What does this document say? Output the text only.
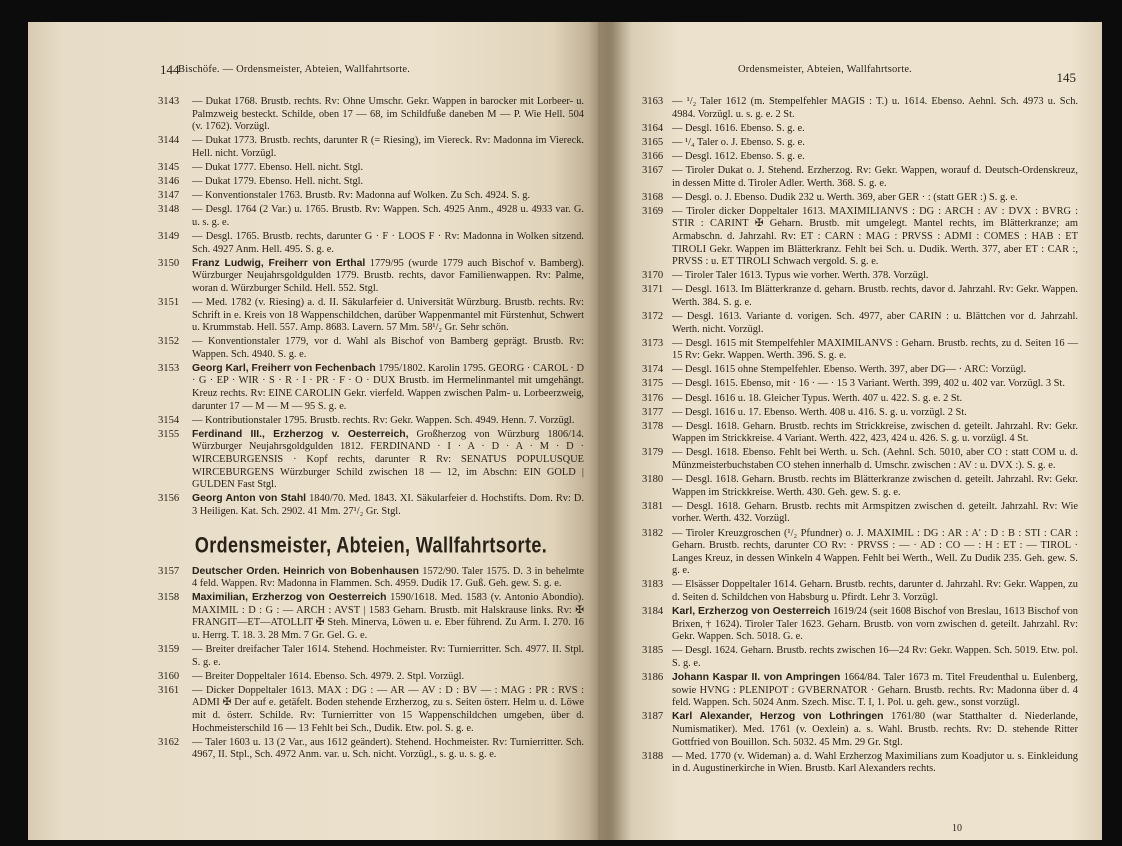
144
Bischöfe. — Ordensmeister, Abteien, Wallfahrtsorte.
3143	— Dukat 1768. Brustb. rechts. Rv: Ohne Umschr. Gekr. Wappen in barocker mit Lorbeer- u. Palmzweig besteckt. Schilde, oben 17 — 68, im Schildfuße daneben M — P. Wie Hell. 504 (v. 1762). Vorzügl.
3144	— Dukat 1773. Brustb. rechts, darunter R (= Riesing), im Viereck. Rv: Madonna im Viereck. Hell. nicht. Vorzügl.
3145	— Dukat 1777. Ebenso. Hell. nicht. Stgl.
3146	— Dukat 1779. Ebenso. Hell. nicht. Stgl.
3147	— Konventionstaler 1763. Brustb. Rv: Madonna auf Wolken. Zu Sch. 4924. S. g.
3148	— Desgl. 1764 (2 Var.) u. 1765. Brustb. Rv: Wappen. Sch. 4925 Anm., 4928 u. 4933 var. G. u. s. g. e.
3149	— Desgl. 1765. Brustb. rechts, darunter G · F · LOOS F · Rv: Madonna in Wolken sitzend. Sch. 4927 Anm. Hell. 495. S. g. e.
3150	Franz Ludwig, Freiherr von Erthal 1779/95 (wurde 1779 auch Bischof v. Bamberg). Würzburger Neujahrsgoldgulden 1779. Brustb. rechts, davor Familienwappen. Rv: Palme, woran d. Würzburger Schild. Hell. 552. Stgl.
3151	— Med. 1782 (v. Riesing) a. d. II. Säkularfeier d. Universität Würzburg. Brustb. rechts. Rv: Schrift in e. Kreis von 18 Wappenschildchen, darüber Wappenmantel mit Fürstenhut, Schwert u. Krummstab. Hell. 557. Amp. 8683. Lavern. 57 Mm. 58¹/₂ Gr. Sehr schön.
3152	— Konventionstaler 1779, vor d. Wahl als Bischof von Bamberg geprägt. Brustb. Rv: Wappen. Sch. 4940. S. g. e.
3153	Georg Karl, Freiherr von Fechenbach 1795/1802. Karolin 1795. GEORG · CAROL · D · G · EP · WIR · S · R · I · PR · F · O · DUX Brustb. im Hermelinmantel mit umgehängt. Kreuz rechts. Rv: EINE CAROLIN Gekr. vierfeld. Wappen zwischen Palm- u. Lorbeerzweig, darunter 17 — M — M — 95 S. g. e.
3154	— Kontributionstaler 1795. Brustb. rechts. Rv: Gekr. Wappen. Sch. 4949. Henn. 7. Vorzügl.
3155	Ferdinand III., Erzherzog v. Oesterreich, Großherzog von Würzburg 1806/14. Würzburger Neujahrsgoldgulden 1812. FERDINAND · I · A · D · A · M · D · WIRCEBURGENSIS · Kopf rechts, darunter R Rv: SENATUS POPULUSQUE WIRCEBURGENS Würzburger Schild zwischen 18 — 12, im Abschn: EIN GOLD | GULDEN Fast Stgl.
3156	Georg Anton von Stahl 1840/70. Med. 1843. XI. Säkularfeier d. Hochstifts. Dom. Rv: D. 3 Heiligen. Kat. Sch. 2902. 41 Mm. 27¹/₂ Gr. Stgl.
Ordensmeister, Abteien, Wallfahrtsorte.
3157	Deutscher Orden. Heinrich von Bobenhausen 1572/90. Taler 1575. D. 3 in behelmte 4 feld. Wappen. Rv: Madonna in Flammen. Sch. 4959. Dudik 17. Guß. Geh. gew. S. g. e.
3158	Maximilian, Erzherzog von Oesterreich 1590/1618. Med. 1583 (v. Antonio Abondio). MAXIMIL : D : G : — ARCH : AVST | 1583 Geharn. Brustb. mit Halskrause links. Rv: ✠ FRANGIT—ET—ATOLLIT ✠ Steh. Minerva, Löwen u. e. Eber führend. Zu Arm. I. 270. 16 u. Herrg. T. 18. 3. 28 Mm. 7 Gr. Gel. G. e.
3159	— Breiter dreifacher Taler 1614. Stehend. Hochmeister. Rv: Turnierritter. Sch. 4977. II. Stpl. S. g. e.
3160	— Breiter Doppeltaler 1614. Ebenso. Sch. 4979. 2. Stpl. Vorzügl.
3161	— Dicker Doppeltaler 1613. MAX : DG : — AR — AV : D : BV — : MAG : PR : RVS : ADMI ✠ Der auf e. getäfelt. Boden stehende Erzherzog, zu s. Seiten österr. Helm u. d. Löwe mit d. österr. Schilde. Rv: Turnierritter von 15 Wappenschildchen umgeben, über d. Hochmeisterschild 16 — 13 Fehlt bei Sch., Dudik. Etw. pol. S. g. e.
3162	— Taler 1603 u. 13 (2 Var., aus 1612 geändert). Stehend. Hochmeister. Rv: Turnierritter. Sch. 4967, II. Stpl., Sch. 4972 Anm. var. u. Sch. nicht. Vorzügl., s. g. u. s. g. e.
Ordensmeister, Abteien, Wallfahrtsorte.
145
3163 — ¹/₂ Taler 1612 (m. Stempelfehler MAGIS : T.) u. 1614. Ebenso. Aehnl. Sch. 4973 u. Sch. 4984. Vorzügl. u. s. g. e. 2 St.
3164 — Desgl. 1616. Ebenso. S. g. e.
3165 — ¹/₄ Taler o. J. Ebenso. S. g. e.
3166 — Desgl. 1612. Ebenso. S. g. e.
3167 — Tiroler Dukat o. J. Stehend. Erzherzog. Rv: Gekr. Wappen, worauf d. Deutsch-Ordenskreuz, in dessen Mitte d. Tiroler Adler. Werth. 368. S. g. e.
3168 — Desgl. o. J. Ebenso. Dudik 232 u. Werth. 369, aber GER · : (statt GER :) S. g. e.
3169 — Tiroler dicker Doppeltaler 1613. MAXIMILIANVS : DG : ARCH : AV : DVX : BVRG : STIR : CARINT ✠ Geharn. Brustb. mit umgelegt. Mantel rechts, im Blätterkranze; am Armabschn. d. Jahrzahl. Rv: ET : CARN : MAG : PRVSS : ADMI : COMES : HAB : ET TIROLI Gekr. Wappen im Blätterkranz. Fehlt bei Sch. u. Dudik. Werth. 377, aber ET : CAR :, PRVSS : u. ET TIROLI Schwach vergold. S. g. e.
3170 — Tiroler Taler 1613. Typus wie vorher. Werth. 378. Vorzügl.
3171 — Desgl. 1613. Im Blätterkranze d. geharn. Brustb. rechts, davor d. Jahrzahl. Rv: Gekr. Wappen. Werth. 384. S. g. e.
3172 — Desgl. 1613. Variante d. vorigen. Sch. 4977, aber CARIN : u. Blättchen vor d. Jahrzahl. Werth. nicht. Vorzügl.
3173 — Desgl. 1615 mit Stempelfehler MAXIMILANVS : Geharn. Brustb. rechts, zu d. Seiten 16 — 15 Rv: Gekr. Wappen. Werth. 396. S. g. e.
3174 — Desgl. 1615 ohne Stempelfehler. Ebenso. Werth. 397, aber DG— · ARC: Vorzügl.
3175 — Desgl. 1615. Ebenso, mit · 16 · — · 15 3 Variant. Werth. 399, 402 u. 402 var. Vorzügl. 3 St.
3176 — Desgl. 1616 u. 18. Gleicher Typus. Werth. 407 u. 422. S. g. e. 2 St.
3177 — Desgl. 1616 u. 17. Ebenso. Werth. 408 u. 416. S. g. u. vorzügl. 2 St.
3178 — Desgl. 1618. Geharn. Brustb. rechts im Strickkreise, zwischen d. geteilt. Jahrzahl. Rv: Gekr. Wappen im Strickkreise. 4 Variant. Werth. 422, 423, 424 u. 426. S. g. u. vorzügl. 4 St.
3179 — Desgl. 1618. Ebenso. Fehlt bei Werth. u. Sch. (Aehnl. Sch. 5010, aber CO : statt COM u. d. Münzmeisterbuchstaben CO stehen innerhalb d. Umschr. zwischen : AV : u. DVX :). S. g. e.
3180 — Desgl. 1618. Geharn. Brustb. rechts im Blätterkranze zwischen d. geteilt. Jahrzahl. Rv: Gekr. Wappen im Strickkreise. Werth. 430. Geh. gew. S. g. e.
3181 — Desgl. 1618. Geharn. Brustb. rechts mit Armspitzen zwischen d. geteilt. Jahrzahl. Rv: Wie vorher. Werth. 432. Vorzügl.
3182 — Tiroler Kreuzgroschen (¹/₂ Pfundner) o. J. MAXIMIL : DG : AR : A' : D : B : STI : CAR : Geharn. Brustb. rechts, darunter CO Rv: · PRVSS : — · AD : CO — : H : ET : — TIROL · Langes Kreuz, in dessen Winkeln 4 Wappen. Fehlt bei Werth., Well. Zu Dudik 235. Geh. gew. S. g. e.
3183 — Elsässer Doppeltaler 1614. Geharn. Brustb. rechts, darunter d. Jahrzahl. Rv: Gekr. Wappen, zu d. Seiten d. Schildchen von Habsburg u. Pfirdt. Lehr 3. Vorzügl.
3184 Karl, Erzherzog von Oesterreich 1619/24 (seit 1608 Bischof von Breslau, 1613 Bischof von Brixen, † 1624). Tiroler Taler 1623. Geharn. Brustb. von vorn zwischen d. geteilt. Jahrzahl. Rv: Gekr. Wappen. Sch. 5018. G. e.
3185 — Desgl. 1624. Geharn. Brustb. rechts zwischen 16—24 Rv: Gekr. Wappen. Sch. 5019. Etw. pol. S. g. e.
3186 Johann Kaspar II. von Ampringen 1664/84. Taler 1673 m. Titel Freudenthal u. Eulenberg, sowie HVNG : PLENIPOT : GVBERNATOR · Geharn. Brustb. rechts. Rv: Madonna über d. 4 feld. Wappen. Sch. 5024 Anm. Szech. Misc. T. I, 1. Pol. u. geh. gew., sonst vorzügl.
3187 Karl Alexander, Herzog von Lothringen 1761/80 (war Statthalter d. Niederlande, Numismatiker). Med. 1761 (v. Oexlein) a. s. Wahl. Brustb. rechts. Rv: D. stehende Ritter Gottfried von Bouillon. Sch. 5032. 45 Mm. 29 Gr. Stgl.
3188 — Med. 1770 (v. Wideman) a. d. Wahl Erzherzog Maximilians zum Koadjutor u. s. Einkleidung in d. Augustinerkirche in Wien. Brustb. Karl Alexanders rechts.
10
